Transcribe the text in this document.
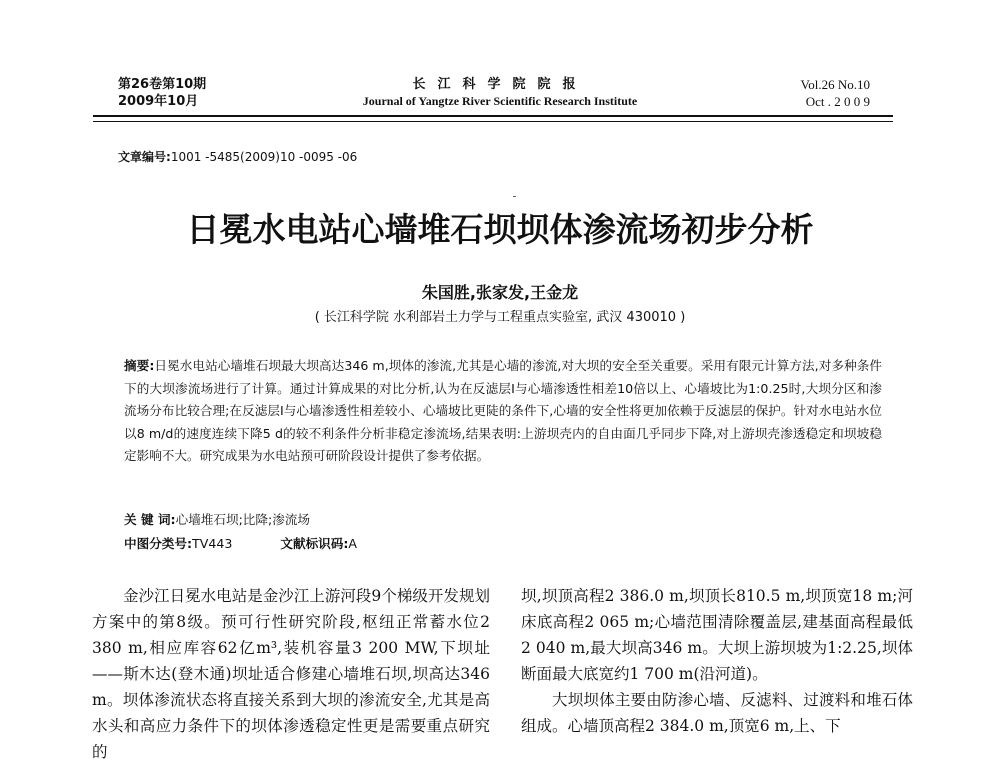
第26卷第10期
2009年10月
长江科学院院报
Journal of Yangtze River Scientific Research Institute
Vol.26 No.10
Oct . 2 0 0 9
文章编号:1001 -5485(2009)10 -0095 -06
日冕水电站心墙堆石坝坝体渗流场初步分析
朱国胜,张家发,王金龙
( 长江科学院 水利部岩土力学与工程重点实验室, 武汉 430010 )
摘要:日冕水电站心墙堆石坝最大坝高达346 m,坝体的渗流,尤其是心墙的渗流,对大坝的安全至关重要。采用有限元计算方法,对多种条件下的大坝渗流场进行了计算。通过计算成果的对比分析,认为在反滤层Ⅰ与心墙渗透性相差10倍以上、心墙坡比为1:0.25时,大坝分区和渗流场分布比较合理;在反滤层Ⅰ与心墙渗透性相差较小、心墙坡比更陡的条件下,心墙的安全性将更加依赖于反滤层的保护。针对水电站水位以8 m/d的速度连续下降5 d的较不利条件分析非稳定渗流场,结果表明:上游坝壳内的自由面几乎同步下降,对上游坝壳渗透稳定和坝坡稳定影响不大。研究成果为水电站预可研阶段设计提供了参考依据。
关 键 词:心墙堆石坝;比降;渗流场
中图分类号:TV443	文献标识码:A

金沙江日冕水电站是金沙江上游河段9个梯级开发规划方案中的第8级。预可行性研究阶段,枢纽正常蓄水位2 380 m,相应库容62亿m³,装机容量3 200 MW,下坝址——斯木达(登木通)坝址适合修建心墙堆石坝,坝高达346 m。坝体渗流状态将直接关系到大坝的渗流安全,尤其是高水头和高应力条件下的坝体渗透稳定性更是需要重点研究的

坝,坝顶高程2 386.0 m,坝顶长810.5 m,坝顶宽18 m;河床底高程2 065 m;心墙范围清除覆盖层,建基面高程最低2 040 m,最大坝高346 m。大坝上游坝坡为1:2.25,坝体断面最大底宽约1 700 m(沿河道)。

大坝坝体主要由防渗心墙、反滤料、过渡料和堆石体组成。心墙顶高程2 384.0 m,顶宽6 m,上、下
